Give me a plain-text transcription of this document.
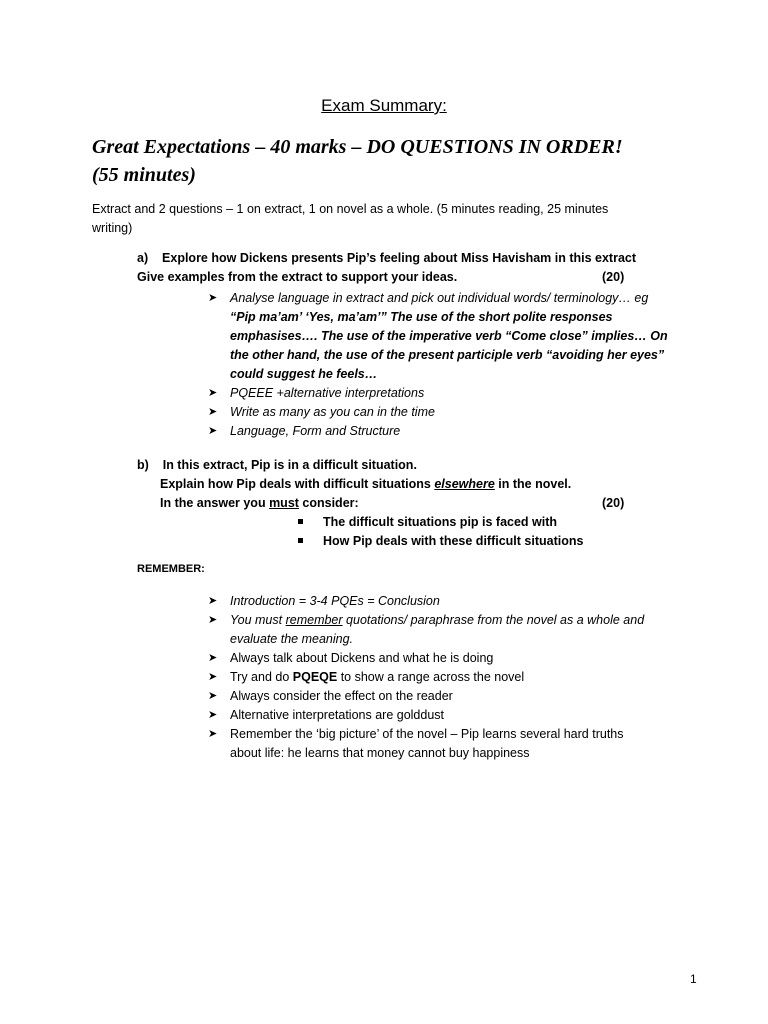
Exam Summary:
Great Expectations – 40 marks – DO QUESTIONS IN ORDER!
(55 minutes)
Extract and 2 questions – 1 on extract, 1 on novel as a whole. (5 minutes reading, 25 minutes
writing)
a) Explore how Dickens presents Pip’s feeling about Miss Havisham in this extract
Give examples from the extract to support your ideas.	(20)
➤ Analyse language in extract and pick out individual words/ terminology… eg
“Pip ma’am’ ‘Yes, ma’am’” The use of the short polite responses
emphasises…. The use of the imperative verb “Come close” implies… On
the other hand, the use of the present participle verb “avoiding her eyes”
could suggest he feels…
➤ PQEEE +alternative interpretations
➤ Write as many as you can in the time
➤ Language, Form and Structure
b) In this extract, Pip is in a difficult situation.
Explain how Pip deals with difficult situations elsewhere in the novel.
In the answer you must consider:	(20)
The difficult situations pip is faced with
How Pip deals with these difficult situations
REMEMBER:
➤ Introduction = 3-4 PQEs = Conclusion
➤ You must remember quotations/ paraphrase from the novel as a whole and
evaluate the meaning.
➤ Always talk about Dickens and what he is doing
➤ Try and do PQEQE to show a range across the novel
➤ Always consider the effect on the reader
➤ Alternative interpretations are golddust
➤ Remember the ‘big picture’ of the novel – Pip learns several hard truths
about life: he learns that money cannot buy happiness
1
